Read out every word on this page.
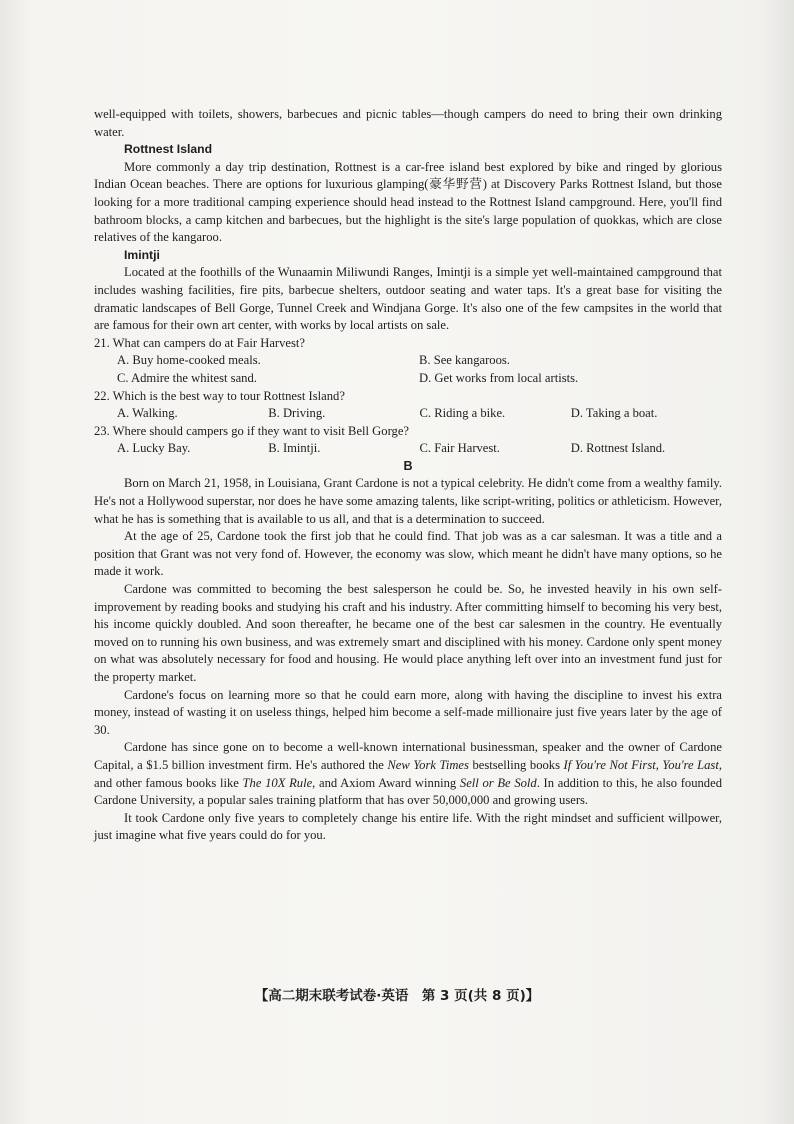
well-equipped with toilets, showers, barbecues and picnic tables—though campers do need to bring their own drinking water.

Rottnest Island

More commonly a day trip destination, Rottnest is a car-free island best explored by bike and ringed by glorious Indian Ocean beaches. There are options for luxurious glamping(豪华野营) at Discovery Parks Rottnest Island, but those looking for a more traditional camping experience should head instead to the Rottnest Island campground. Here, you'll find bathroom blocks, a camp kitchen and barbecues, but the highlight is the site's large population of quokkas, which are close relatives of the kangaroo.

Imintji

Located at the foothills of the Wunaamin Miliwundi Ranges, Imintji is a simple yet well-maintained campground that includes washing facilities, fire pits, barbecue shelters, outdoor seating and water taps. It's a great base for visiting the dramatic landscapes of Bell Gorge, Tunnel Creek and Windjana Gorge. It's also one of the few campsites in the world that are famous for their own art center, with works by local artists on sale.

21. What can campers do at Fair Harvest?

A. Buy home-cooked meals.	B. See kangaroos.
C. Admire the whitest sand.	D. Get works from local artists.

22. Which is the best way to tour Rottnest Island?

A. Walking.	B. Driving.	C. Riding a bike.	D. Taking a boat.

23. Where should campers go if they want to visit Bell Gorge?

A. Lucky Bay.	B. Imintji.	C. Fair Harvest.	D. Rottnest Island.

B

Born on March 21, 1958, in Louisiana, Grant Cardone is not a typical celebrity. He didn't come from a wealthy family. He's not a Hollywood superstar, nor does he have some amazing talents, like script-writing, politics or athleticism. However, what he has is something that is available to us all, and that is a determination to succeed.

At the age of 25, Cardone took the first job that he could find. That job was as a car salesman. It was a title and a position that Grant was not very fond of. However, the economy was slow, which meant he didn't have many options, so he made it work.

Cardone was committed to becoming the best salesperson he could be. So, he invested heavily in his own self-improvement by reading books and studying his craft and his industry. After committing himself to becoming his very best, his income quickly doubled. And soon thereafter, he became one of the best car salesmen in the country. He eventually moved on to running his own business, and was extremely smart and disciplined with his money. Cardone only spent money on what was absolutely necessary for food and housing. He would place anything left over into an investment fund just for the property market.

Cardone's focus on learning more so that he could earn more, along with having the discipline to invest his extra money, instead of wasting it on useless things, helped him become a self-made millionaire just five years later by the age of 30.

Cardone has since gone on to become a well-known international businessman, speaker and the owner of Cardone Capital, a $1.5 billion investment firm. He's authored the New York Times bestselling books If You're Not First, You're Last, and other famous books like The 10X Rule, and Axiom Award winning Sell or Be Sold. In addition to this, he also founded Cardone University, a popular sales training platform that has over 50,000,000 and growing users.

It took Cardone only five years to completely change his entire life. With the right mindset and sufficient willpower, just imagine what five years could do for you.

【高二期末联考试卷·英语　第 3 页(共 8 页)】
